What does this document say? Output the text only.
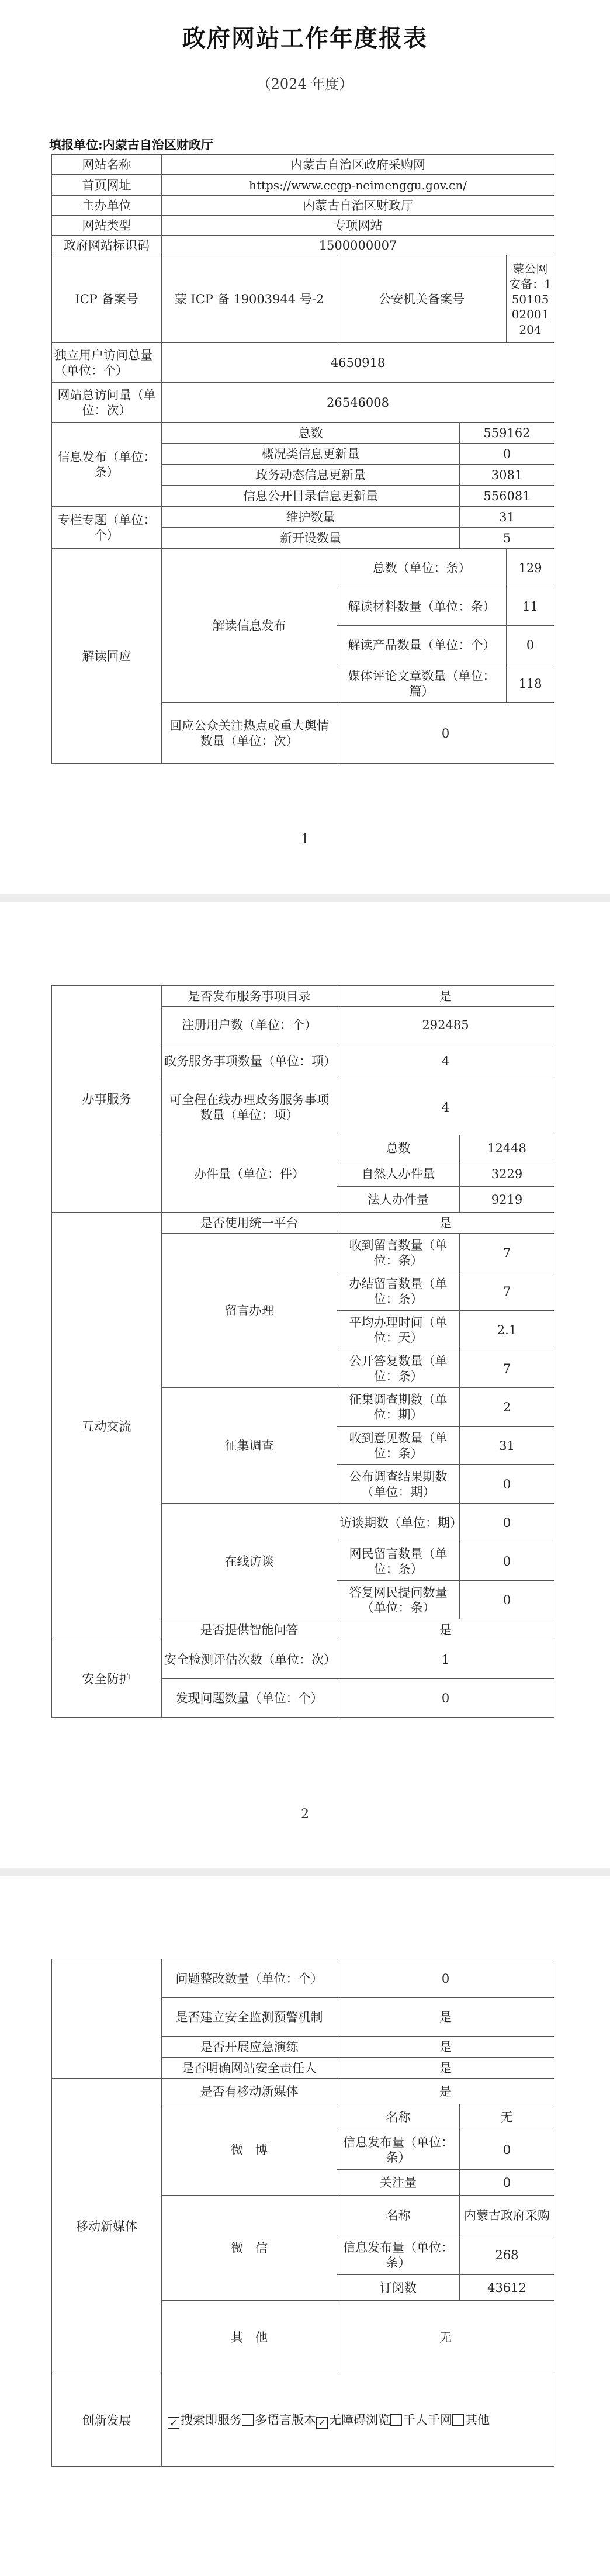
政府网站工作年度报表
（2024 年度）
填报单位:内蒙古自治区财政厅
网站名称	内蒙古自治区政府采购网			
首页网址	https://www.ccgp-neimenggu.gov.cn/			
主办单位	内蒙古自治区财政厅			
网站类型	专项网站			
政府网站标识码	1500000007			
ICP 备案号	蒙 ICP 备 19003944 号-2	公安机关备案号		蒙公网安备：15010502001204
独立用户访问总量（单位：个）	4650918			
网站总访问量（单位：次）	26546008			
信息发布（单位：条）	总数		559162	
	概况类信息更新量		0	
	政务动态信息更新量		3081	
	信息公开目录信息更新量		556081	
专栏专题（单位：个）	维护数量		31	
	新开设数量		5	
解读回应	解读信息发布	总数（单位：条）		129
		解读材料数量（单位：条）		11
		解读产品数量（单位：个）		0
		媒体评论文章数量（单位：篇）		118
	回应公众关注热点或重大舆情数量（单位：次）	0		
1
办事服务	是否发布服务事项目录	是	
	注册用户数（单位：个）	292485	
	政务服务事项数量（单位：项）	4	
	可全程在线办理政务服务事项数量（单位：项）	4	
	办件量（单位：件）	总数	12448
		自然人办件量	3229
		法人办件量	9219
互动交流	是否使用统一平台	是	
	留言办理	收到留言数量（单位：条）	7
		办结留言数量（单位：条）	7
		平均办理时间（单位：天）	2.1
		公开答复数量（单位：条）	7
	征集调查	征集调查期数（单位：期）	2
		收到意见数量（单位：条）	31
		公布调查结果期数（单位：期）	0
	在线访谈	访谈期数（单位：期）	0
		网民留言数量（单位：条）	0
		答复网民提问数量（单位：条）	0
	是否提供智能问答	是	
安全防护	安全检测评估次数（单位：次）	1	
	发现问题数量（单位：个）	0	
2
	问题整改数量（单位：个）	0	
	是否建立安全监测预警机制	是	
	是否开展应急演练	是	
	是否明确网站安全责任人	是	
移动新媒体	是否有移动新媒体	是	
	微　博	名称	无
		信息发布量（单位：条）	0
		关注量	0
	微　信	名称	内蒙古政府采购
		信息发布量（单位：条）	268
		订阅数	43612
	其　他	无	
创新发展	✓ 搜索即服务 多语言版本 ✓ 无障碍浏览 千人千网 其他		
